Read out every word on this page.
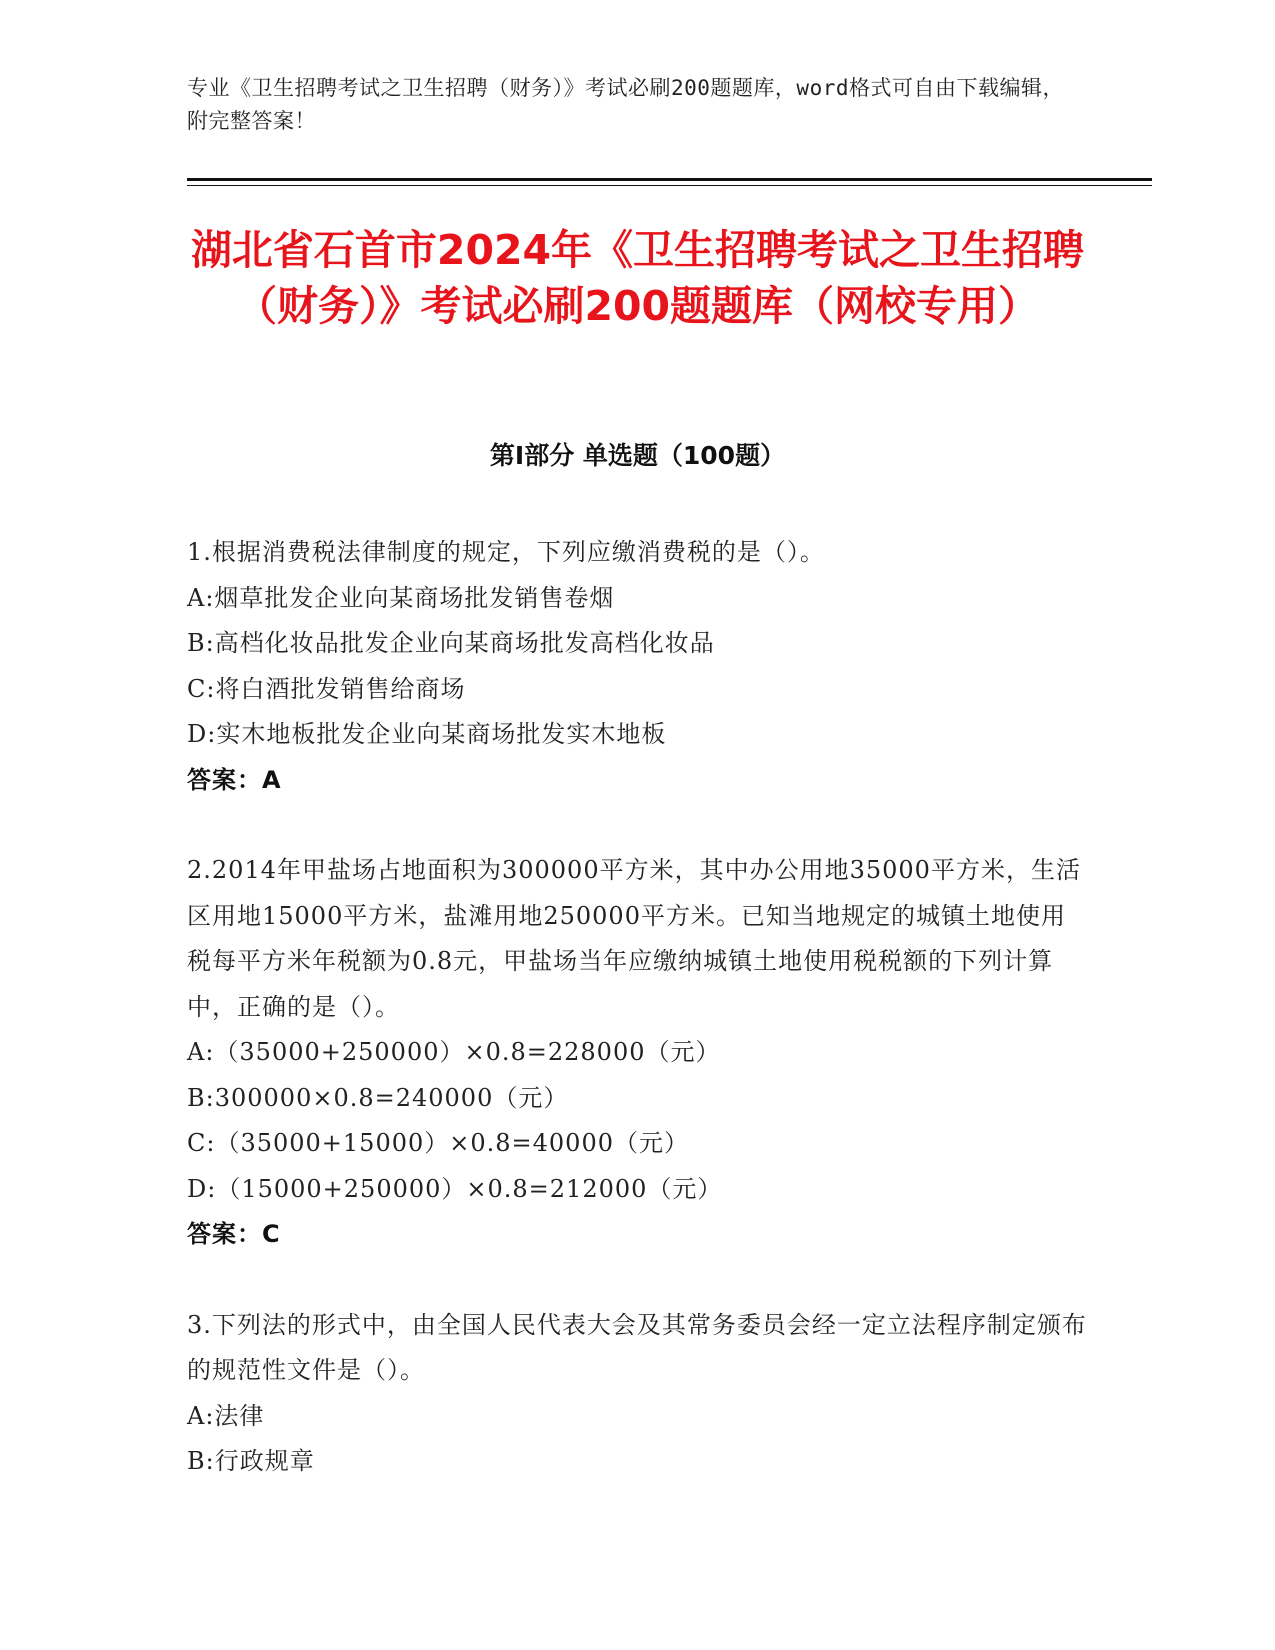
专业《卫生招聘考试之卫生招聘（财务）》考试必刷200题题库，word格式可自由下载编辑，附完整答案！
湖北省石首市2024年《卫生招聘考试之卫生招聘（财务）》考试必刷200题题库（网校专用）
第Ⅰ部分 单选题（100题）

1.根据消费税法律制度的规定，下列应缴消费税的是（）。

A:烟草批发企业向某商场批发销售卷烟

B:高档化妆品批发企业向某商场批发高档化妆品

C:将白酒批发销售给商场

D:实木地板批发企业向某商场批发实木地板

答案：A

2.2014年甲盐场占地面积为300000平方米，其中办公用地35000平方米，生活区用地15000平方米，盐滩用地250000平方米。已知当地规定的城镇土地使用税每平方米年税额为0.8元，甲盐场当年应缴纳城镇土地使用税税额的下列计算中，正确的是（）。

A:（35000+250000）×0.8=228000（元）

B:300000×0.8=240000（元）

C:（35000+15000）×0.8=40000（元）

D:（15000+250000）×0.8=212000（元）

答案：C

3.下列法的形式中，由全国人民代表大会及其常务委员会经一定立法程序制定颁布的规范性文件是（）。

A:法律

B:行政规章
